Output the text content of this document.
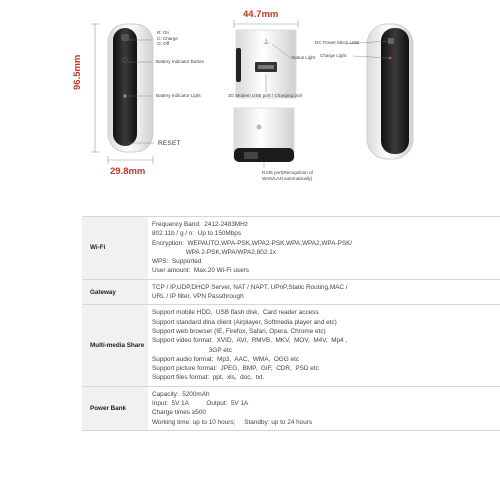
⚓
96.5mm
44.7mm
29.8mm
R: On
C: Charge
O: Off
Battery Indicator Button
Battery Indicator Light
RESET
Status Light
3G Modem USB port / Charging port
RJ45 port(Recognition of
WAN/LAN automatically)
DC Power Micro USB
Charge Light
Wi-Fi
Frequency Band:  2412-2483MHz
802.11b / g / n:  Up to 150Mbps
Encryption:  WEPAUTO,WPA-PSK,WPA2-PSK,WPA,WPA2,WPA-PSK/
WPA 2-PSK,WPA/WPA2,802.1x
WPS:  Supported
User amount:  Max.20 Wi-Fi users
Gateway
TCP / IP,UDP,DHCP Server, NAT / NAPT, UPnP,Static Routing,MAC /
URL / IP filter, VPN Passthrough
Multi-media Share
Support mobile HDD,  USB flash disk,  Card reader access
Support standard dlna client (Airplayer, Softmedia player and etc)
Support web browser (IE, Firefox, Safari, Opera, Chrome etc)
Support video format:  XVID,  AVI,  RMVB,  MKV,  MOV,  M4V,  Mp4 ,
3GP etc
Support audio format:  Mp3,  AAC,  WMA,  OGG etc
Support picture format:  JPEG,  BMP,  GIF,  CDR,  PSD etc
Support files format:  ppt,  xls,  doc,  txt.
Power Bank
Capacity:  5200mAh
Input:  5V 1A          Output:  5V 1A
Charge times ≥500
Working time: up to 10 hours;     Standby: up to 24 hours
